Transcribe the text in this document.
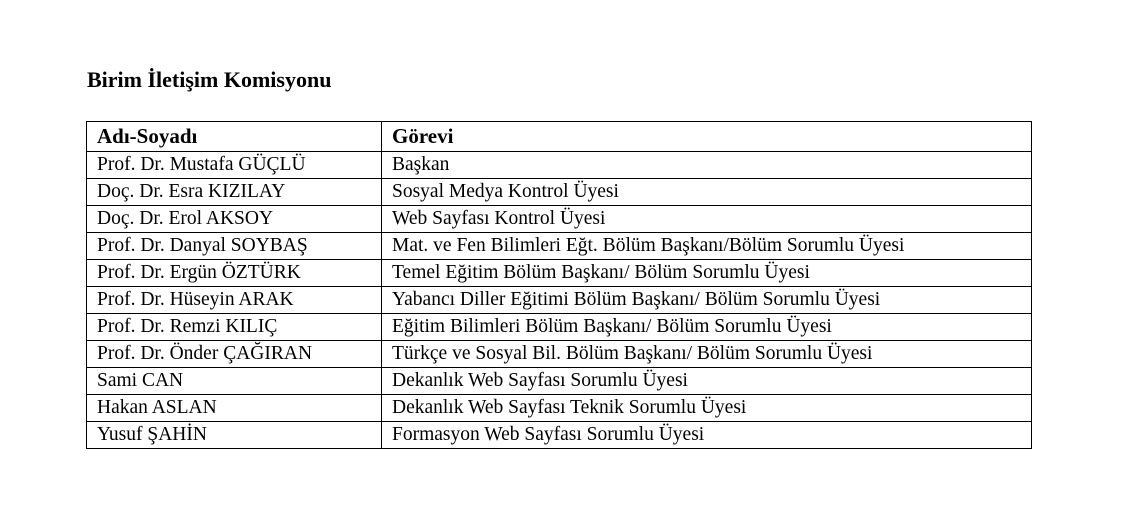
Birim İletişim Komisyonu
Adı-Soyadı	Görevi
Prof. Dr. Mustafa GÜÇLÜ	Başkan
Doç. Dr. Esra KIZILAY	Sosyal Medya Kontrol Üyesi
Doç. Dr. Erol AKSOY	Web Sayfası Kontrol Üyesi
Prof. Dr. Danyal SOYBAŞ	Mat. ve Fen Bilimleri Eğt. Bölüm Başkanı/Bölüm Sorumlu Üyesi
Prof. Dr. Ergün ÖZTÜRK	Temel Eğitim Bölüm Başkanı/ Bölüm Sorumlu Üyesi
Prof. Dr. Hüseyin ARAK	Yabancı Diller Eğitimi Bölüm Başkanı/ Bölüm Sorumlu Üyesi
Prof. Dr. Remzi KILIÇ	Eğitim Bilimleri Bölüm Başkanı/ Bölüm Sorumlu Üyesi
Prof. Dr. Önder ÇAĞIRAN	Türkçe ve Sosyal Bil. Bölüm Başkanı/ Bölüm Sorumlu Üyesi
Sami CAN	Dekanlık Web Sayfası Sorumlu Üyesi
Hakan ASLAN	Dekanlık Web Sayfası Teknik Sorumlu Üyesi
Yusuf ŞAHİN	Formasyon Web Sayfası Sorumlu Üyesi
